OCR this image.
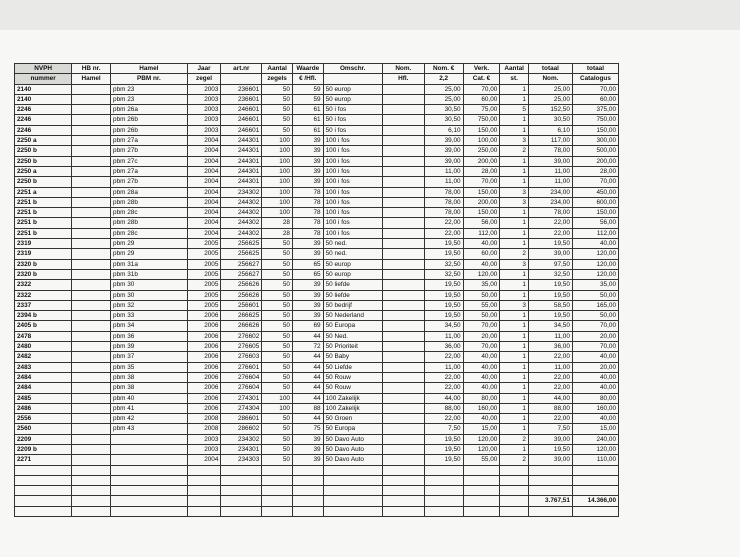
NVPH	HB nr.	Hamel	Jaar	art.nr	Aantal	Waarde	Omschr.	Nom.	Nom. €	Verk.	Aantal	totaal	totaal
nummer	Hamel	PBM nr.	zegel		zegels	€ /Hfl.		Hfl.	2,2	Cat. €	st.	Nom.	Catalogus
2140		pbm 23	2003	236601	50	59	50 europ		25,00	70,00	1	25,00	70,00
2140		pbm 23	2003	236601	50	59	50 europ		25,00	60,00	1	25,00	60,00
2246		pbm 26a	2003	246601	50	61	50 i fos		30,50	75,00	5	152,50	375,00
2246		pbm 26b	2003	246601	50	61	50 i fos		30,50	750,00	1	30,50	750,00
2246		pbm 26b	2003	246601	50	61	50 i fos		6,10	150,00	1	6,10	150,00
2250 a		pbm 27a	2004	244301	100	39	100 i fos		39,00	100,00	3	117,00	300,00
2250 b		pbm 27b	2004	244301	100	39	100 i fos		39,00	250,00	2	78,00	500,00
2250 b		pbm 27c	2004	244301	100	39	100 i fos		39,00	200,00	1	39,00	200,00
2250 a		pbm 27a	2004	244301	100	39	100 i fos		11,00	28,00	1	11,00	28,00
2250 b		pbm 27b	2004	244301	100	39	100 i fos		11,00	70,00	1	11,00	70,00
2251 a		pbm 28a	2004	234302	100	78	100 i fos		78,00	150,00	3	234,00	450,00
2251 b		pbm 28b	2004	244302	100	78	100 i fos		78,00	200,00	3	234,00	600,00
2251 b		pbm 28c	2004	244302	100	78	100 i fos		78,00	150,00	1	78,00	150,00
2251 b		pbm 28b	2004	244302	28	78	100 i fos		22,00	56,00	1	22,00	56,00
2251 b		pbm 28c	2004	244302	28	78	100 i fos		22,00	112,00	1	22,00	112,00
2319		pbm 29	2005	256625	50	39	50 ned.		19,50	40,00	1	19,50	40,00
2319		pbm 29	2005	256625	50	39	50 ned.		19,50	60,00	2	39,00	120,00
2320 b		pbm 31a	2005	256627	50	65	50 europ		32,50	40,00	3	97,50	120,00
2320 b		pbm 31b	2005	256627	50	65	50 europ		32,50	120,00	1	32,50	120,00
2322		pbm 30	2005	256626	50	39	50 liefde		19,50	35,00	1	19,50	35,00
2322		pbm 30	2005	256626	50	39	50 liefde		19,50	50,00	1	19,50	50,00
2337		pbm 32	2005	256601	50	39	50 bedrijf		19,50	55,00	3	58,50	165,00
2394 b		pbm 33	2006	266625	50	39	50 Nederland		19,50	50,00	1	19,50	50,00
2405 b		pbm 34	2006	266626	50	69	50 Europa		34,50	70,00	1	34,50	70,00
2478		pbm 36	2006	276602	50	44	50 Ned.		11,00	20,00	1	11,00	20,00
2480		pbm 39	2006	276605	50	72	50 Prioriteit		36,00	70,00	1	36,00	70,00
2482		pbm 37	2006	276603	50	44	50 Baby		22,00	40,00	1	22,00	40,00
2483		pbm 35	2006	276601	50	44	50 Liefde		11,00	40,00	1	11,00	20,00
2484		pbm 38	2006	276604	50	44	50 Rouw		22,00	40,00	1	22,00	40,00
2484		pbm 38	2006	276604	50	44	50 Rouw		22,00	40,00	1	22,00	40,00
2485		pbm 40	2006	274301	100	44	100 Zakelijk		44,00	80,00	1	44,00	80,00
2486		pbm 41	2006	274304	100	88	100 Zakelijk		88,00	160,00	1	88,00	160,00
2556		pbm 42	2008	286601	50	44	50 Groen		22,00	40,00	1	22,00	40,00
2560		pbm 43	2008	286602	50	75	50 Europa		7,50	15,00	1	7,50	15,00
2209			2003	234302	50	39	50 Davo Auto		19,50	120,00	2	39,00	240,00
2209 b			2003	234301	50	39	50 Davo Auto		19,50	120,00	1	19,50	120,00
2271			2004	234303	50	39	50 Davo Auto		19,50	55,00	2	39,00	110,00

												3.767,51	14.366,00
